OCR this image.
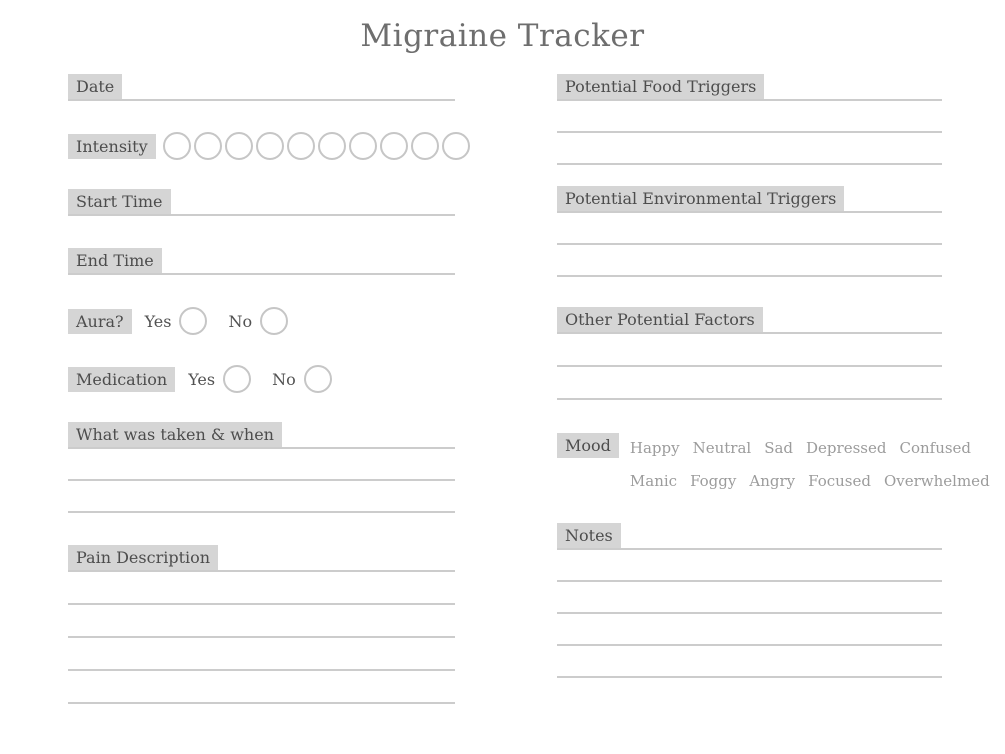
Migraine Tracker
Date
Intensity
Start Time
End Time
Aura?	Yes	No
Medication	Yes	No
What was taken & when
Pain Description
Potential Food Triggers
Potential Environmental Triggers
Other Potential Factors
Mood	Happy Neutral Sad Depressed Confused
Manic Foggy Angry Focused Overwhelmed
Notes
